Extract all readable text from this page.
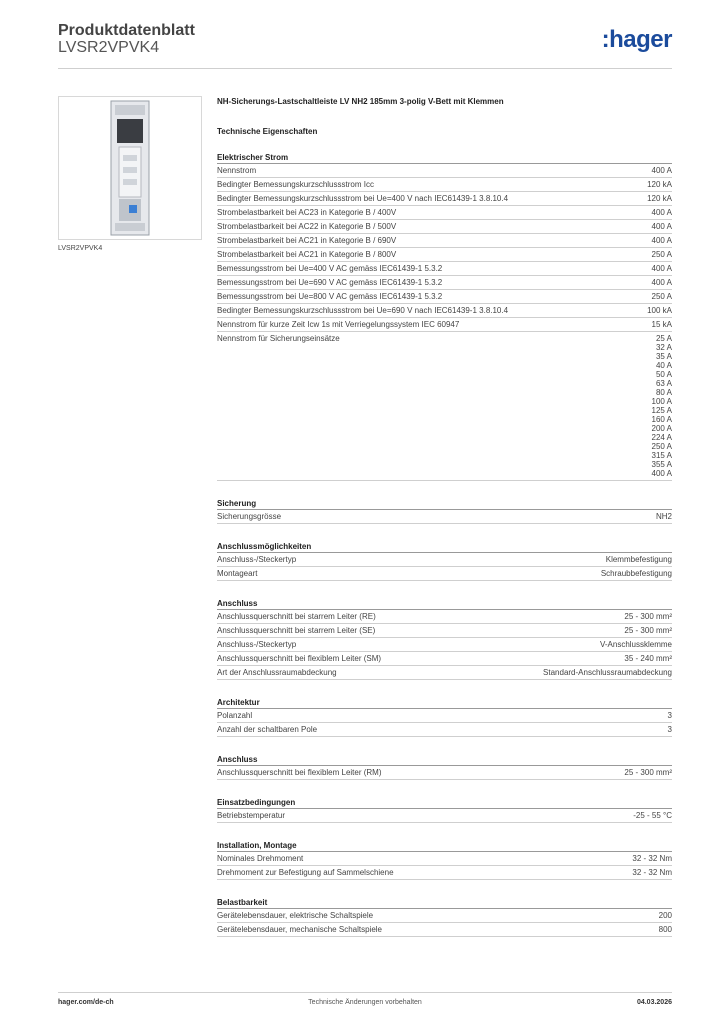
Produktdatenblatt
LVSR2VPVK4	:hager
LVSR2VPVK4
NH-Sicherungs-Lastschaltleiste LV NH2 185mm 3-polig V-Bett mit Klemmen
Technische Eigenschaften
Elektrischer Strom
Nennstrom	400 A
Bedingter Bemessungskurzschlussstrom Icc	120 kA
Bedingter Bemessungskurzschlussstrom bei Ue=400 V nach IEC61439-1 3.8.10.4	120 kA
Strombelastbarkeit bei AC23 in Kategorie B / 400V	400 A
Strombelastbarkeit bei AC22 in Kategorie B / 500V	400 A
Strombelastbarkeit bei AC21 in Kategorie B / 690V	400 A
Strombelastbarkeit bei AC21 in Kategorie B / 800V	250 A
Bemessungsstrom bei Ue=400 V AC gemäss IEC61439-1 5.3.2	400 A
Bemessungsstrom bei Ue=690 V AC gemäss IEC61439-1 5.3.2	400 A
Bemessungsstrom bei Ue=800 V AC gemäss IEC61439-1 5.3.2	250 A
Bedingter Bemessungskurzschlussstrom bei Ue=690 V nach IEC61439-1 3.8.10.4	100 kA
Nennstrom für kurze Zeit Icw 1s mit Verriegelungssystem IEC 60947	15 kA
Nennstrom für Sicherungseinsätze	25 A
32 A
35 A
40 A
50 A
63 A
80 A
100 A
125 A
160 A
200 A
224 A
250 A
315 A
355 A
400 A
Sicherung
Sicherungsgrösse	NH2
Anschlussmöglichkeiten
Anschluss-/Steckertyp	Klemmbefestigung
Montageart	Schraubbefestigung
Anschluss
Anschlussquerschnitt bei starrem Leiter (RE)	25 - 300 mm²
Anschlussquerschnitt bei starrem Leiter (SE)	25 - 300 mm²
Anschluss-/Steckertyp	V-Anschlussklemme
Anschlussquerschnitt bei flexiblem Leiter (SM)	35 - 240 mm²
Art der Anschlussraumabdeckung	Standard-Anschlussraumabdeckung
Architektur
Polanzahl	3
Anzahl der schaltbaren Pole	3
Anschluss
Anschlussquerschnitt bei flexiblem Leiter (RM)	25 - 300 mm²
Einsatzbedingungen
Betriebstemperatur	-25 - 55 °C
Installation, Montage
Nominales Drehmoment	32 - 32 Nm
Drehmoment zur Befestigung auf Sammelschiene	32 - 32 Nm
Belastbarkeit
Gerätelebensdauer, elektrische Schaltspiele	200
Gerätelebensdauer, mechanische Schaltspiele	800
hager.com/de-ch	Technische Änderungen vorbehalten	04.03.2026
